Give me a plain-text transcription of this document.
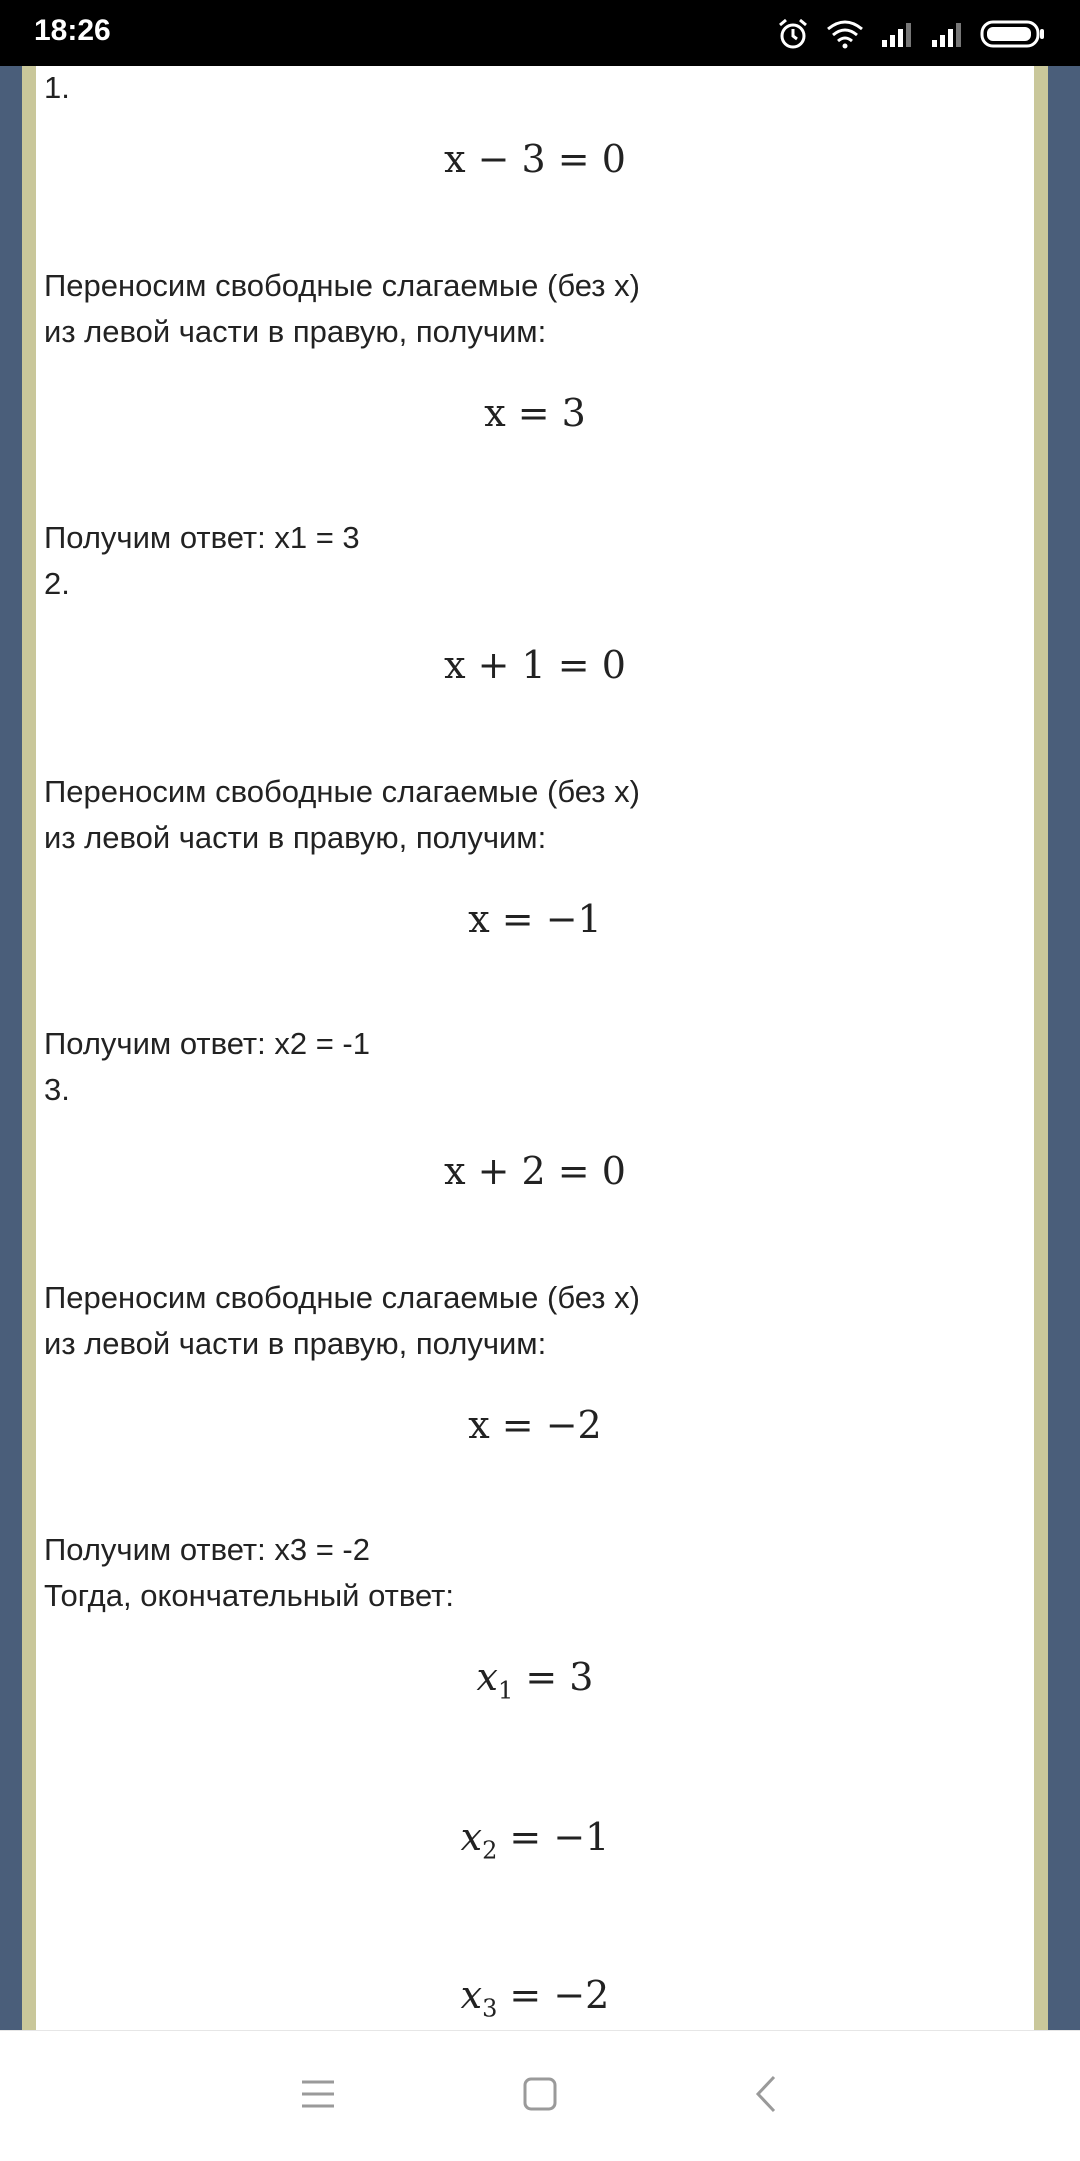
18:26
1.
x − 3 = 0
Переносим свободные слагаемые (без x)
из левой части в правую, получим:
x = 3
Получим ответ: x1 = 3
2.
x + 1 = 0
Переносим свободные слагаемые (без x)
из левой части в правую, получим:
x = −1
Получим ответ: x2 = -1
3.
x + 2 = 0
Переносим свободные слагаемые (без x)
из левой части в правую, получим:
x = −2
Получим ответ: x3 = -2
Тогда, окончательный ответ:
$x_1 = 3$
$x_2 = -1$
$x_3 = -2$
